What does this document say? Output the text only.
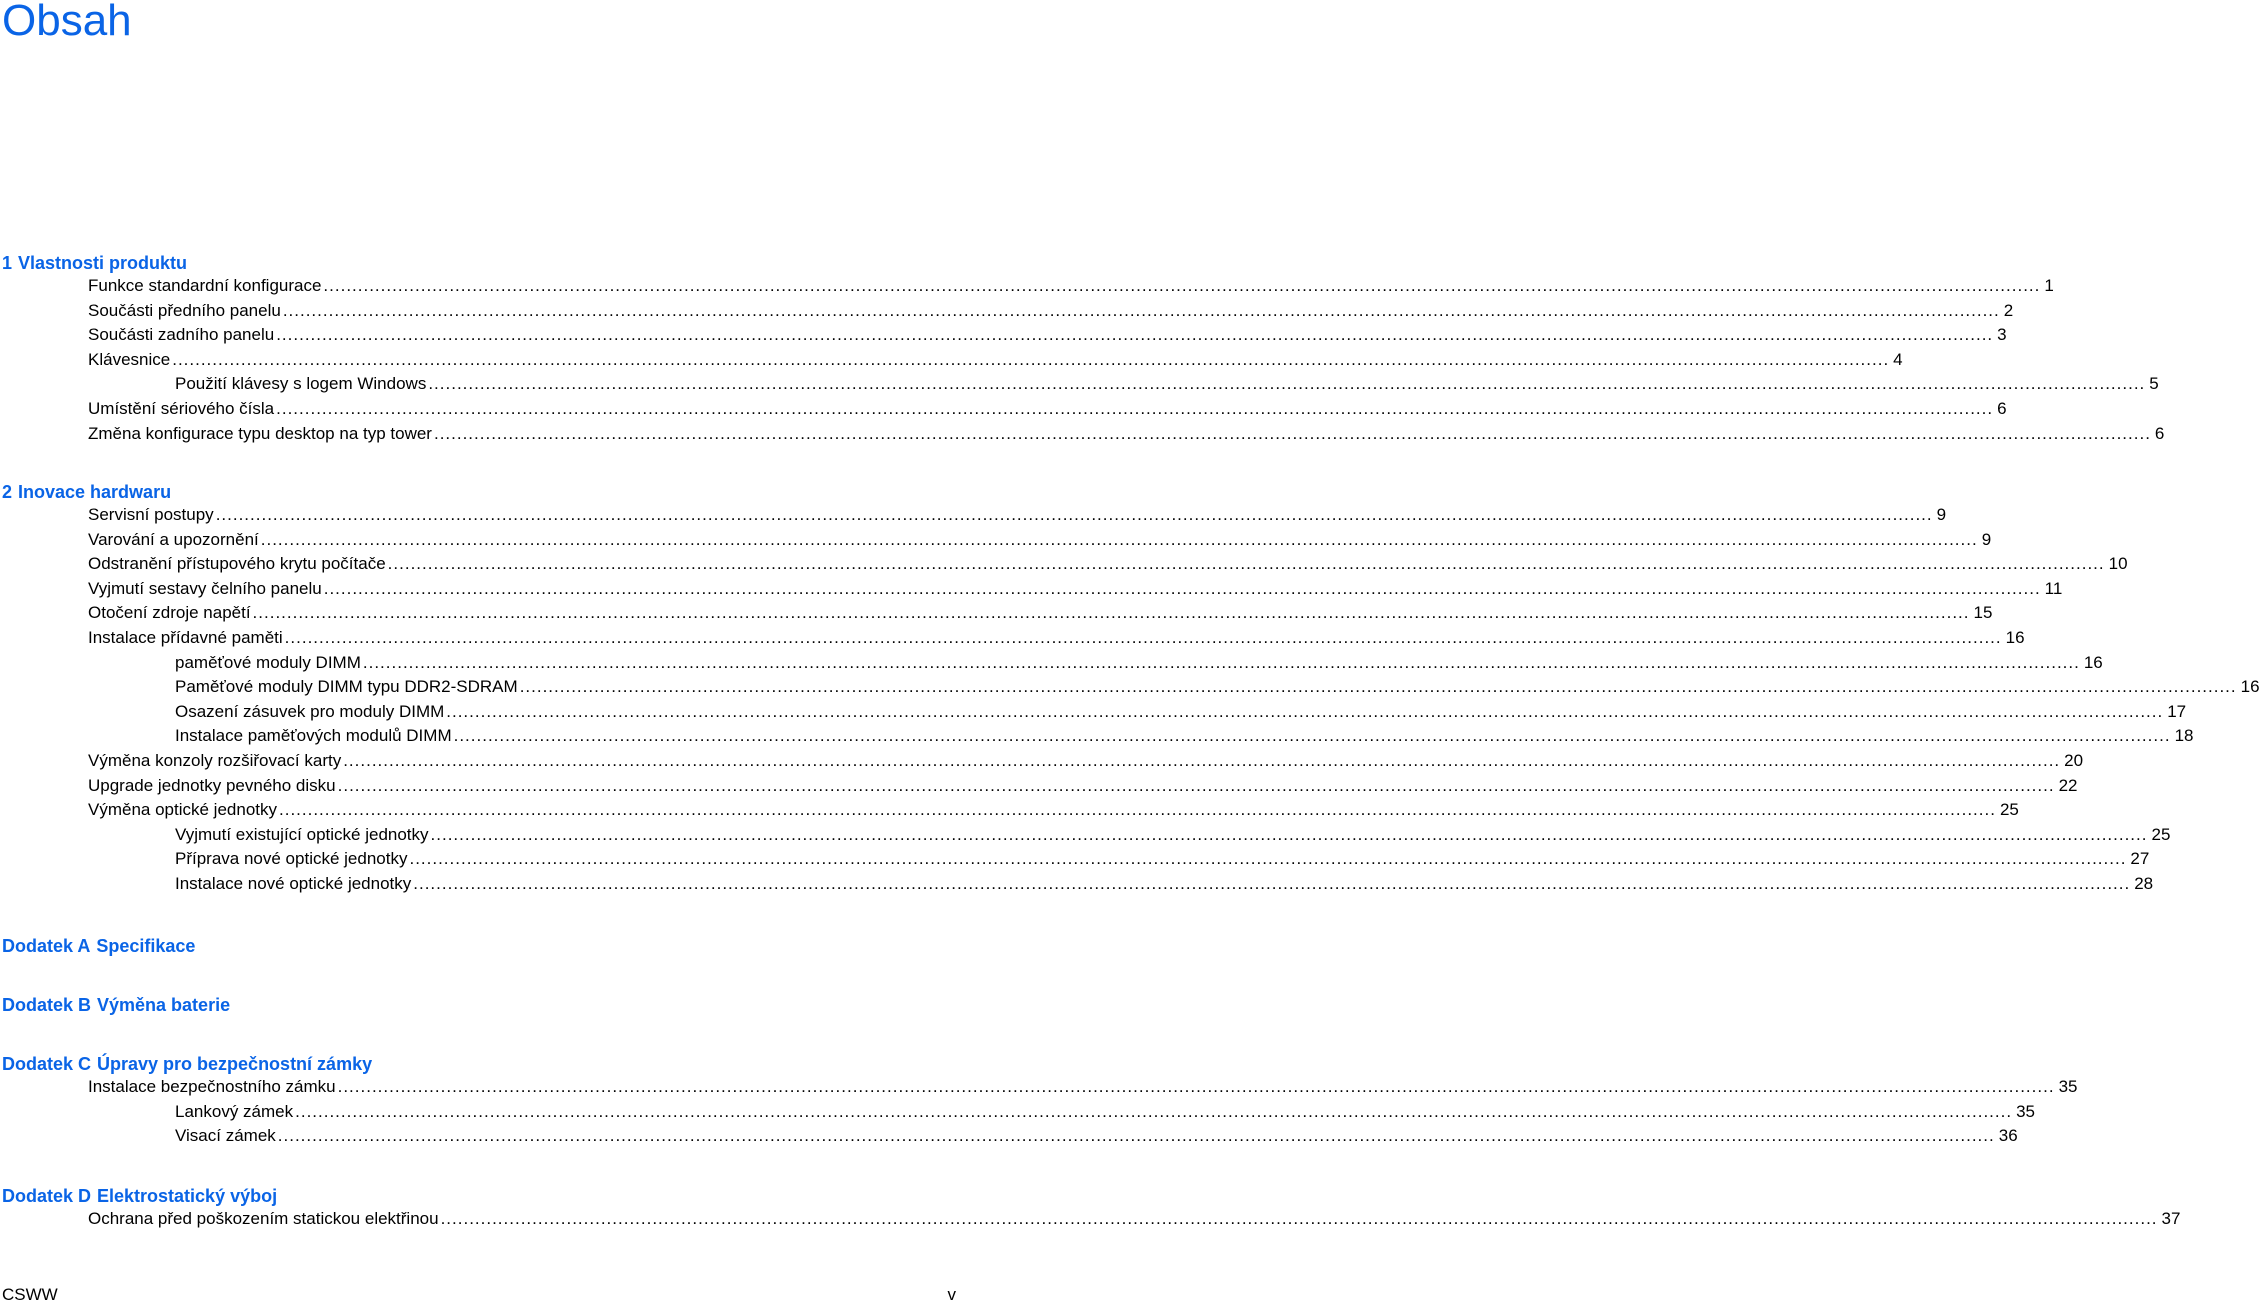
Obsah
1 Vlastnosti produktu
Funkce standardní konfigurace ............................................................................................................................................................................................................................................................................................................ 1
Součásti předního panelu ............................................................................................................................................................................................................................................................................................................ 2
Součásti zadního panelu ............................................................................................................................................................................................................................................................................................................ 3
Klávesnice ............................................................................................................................................................................................................................................................................................................ 4
Použití klávesy s logem Windows ............................................................................................................................................................................................................................................................................................................ 5
Umístění sériového čísla ............................................................................................................................................................................................................................................................................................................ 6
Změna konfigurace typu desktop na typ tower ............................................................................................................................................................................................................................................................................................................ 6
2 Inovace hardwaru
Servisní postupy ............................................................................................................................................................................................................................................................................................................ 9
Varování a upozornění ............................................................................................................................................................................................................................................................................................................ 9
Odstranění přístupového krytu počítače ............................................................................................................................................................................................................................................................................................................ 10
Vyjmutí sestavy čelního panelu ............................................................................................................................................................................................................................................................................................................ 11
Otočení zdroje napětí ............................................................................................................................................................................................................................................................................................................ 15
Instalace přídavné paměti ............................................................................................................................................................................................................................................................................................................ 16
paměťové moduly DIMM ............................................................................................................................................................................................................................................................................................................ 16
Paměťové moduly DIMM typu DDR2-SDRAM ............................................................................................................................................................................................................................................................................................................ 16
Osazení zásuvek pro moduly DIMM ............................................................................................................................................................................................................................................................................................................ 17
Instalace paměťových modulů DIMM ............................................................................................................................................................................................................................................................................................................ 18
Výměna konzoly rozšiřovací karty ............................................................................................................................................................................................................................................................................................................ 20
Upgrade jednotky pevného disku ............................................................................................................................................................................................................................................................................................................ 22
Výměna optické jednotky ............................................................................................................................................................................................................................................................................................................ 25
Vyjmutí existující optické jednotky ............................................................................................................................................................................................................................................................................................................ 25
Příprava nové optické jednotky ............................................................................................................................................................................................................................................................................................................ 27
Instalace nové optické jednotky ............................................................................................................................................................................................................................................................................................................ 28
Dodatek A Specifikace
Dodatek B Výměna baterie
Dodatek C Úpravy pro bezpečnostní zámky
Instalace bezpečnostního zámku ............................................................................................................................................................................................................................................................................................................ 35
Lankový zámek ............................................................................................................................................................................................................................................................................................................ 35
Visací zámek ............................................................................................................................................................................................................................................................................................................ 36
Dodatek D Elektrostatický výboj
Ochrana před poškozením statickou elektřinou ............................................................................................................................................................................................................................................................................................................ 37
CSWW	v
